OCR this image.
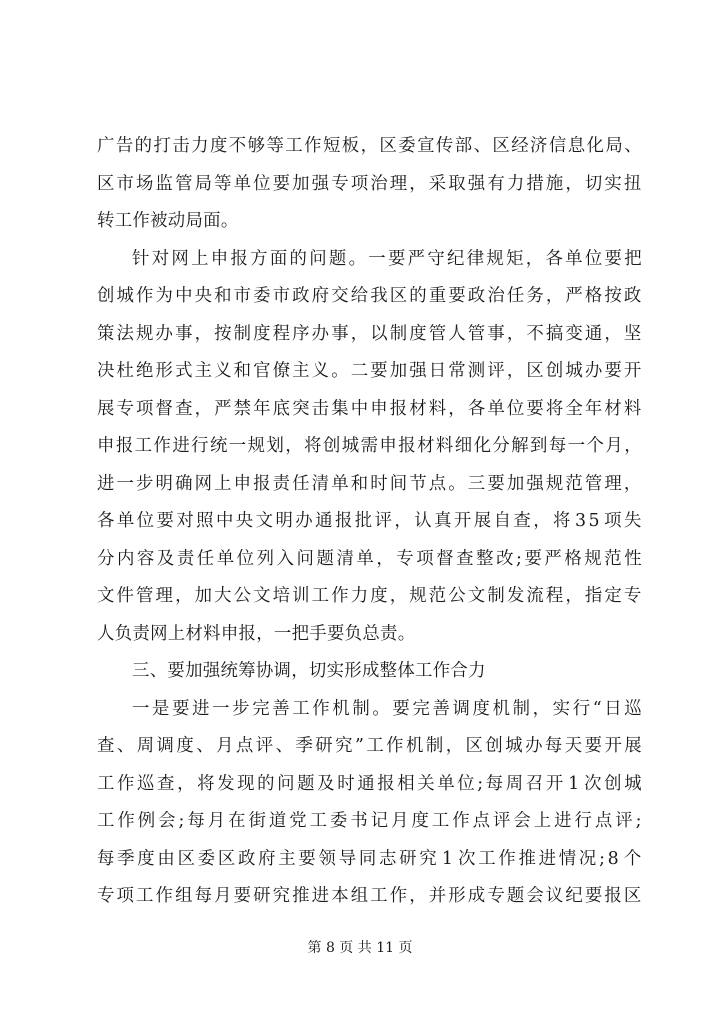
广 告 的 打 击 力 度 不 够 等 工 作 短 板 ， 区 委 宣 传 部 、 区 经 济 信 息 化 局 、
区 市 场 监 管 局 等 单 位 要 加 强 专 项 治 理 ， 采 取 强 有 力 措 施 ， 切 实 扭
转工作被动局面。
针 对 网 上 申 报 方 面 的 问 题 。 一 要 严 守 纪 律 规 矩 ， 各 单 位 要 把
创 城 作 为 中 央 和 市 委 市 政 府 交 给 我 区 的 重 要 政 治 任 务 ， 严 格 按 政
策 法 规 办 事 ， 按 制 度 程 序 办 事 ， 以 制 度 管 人 管 事 ， 不 搞 变 通 ， 坚
决 杜 绝 形 式 主 义 和 官 僚 主 义 。 二 要 加 强 日 常 测 评 ， 区 创 城 办 要 开
展 专 项 督 查 ， 严 禁 年 底 突 击 集 中 申 报 材 料 ， 各 单 位 要 将 全 年 材 料
申 报 工 作 进 行 统 一 规 划 ， 将 创 城 需 申 报 材 料 细 化 分 解 到 每 一 个 月 ，
进 一 步 明 确 网 上 申 报 责 任 清 单 和 时 间 节 点 。 三 要 加 强 规 范 管 理 ，
各 单 位 要 对 照 中 央 文 明 办 通 报 批 评 ， 认 真 开 展 自 查 ， 将 3 5 项 失
分 内 容 及 责 任 单 位 列 入 问 题 清 单 ， 专 项 督 查 整 改 ; 要 严 格 规 范 性
文 件 管 理 ， 加 大 公 文 培 训 工 作 力 度 ， 规 范 公 文 制 发 流 程 ， 指 定 专
人负责网上材料申报，一把手要负总责。
三、要加强统筹协调，切实形成整体工作合力
一 是 要 进 一 步 完 善 工 作 机 制 。 要 完 善 调 度 机 制 ， 实 行 “ 日 巡
查 、 周 调 度 、 月 点 评 、 季 研 究 ” 工 作 机 制 ， 区 创 城 办 每 天 要 开 展
工 作 巡 查 ， 将 发 现 的 问 题 及 时 通 报 相 关 单 位 ; 每 周 召 开 1 次 创 城
工 作 例 会 ; 每 月 在 街 道 党 工 委 书 记 月 度 工 作 点 评 会 上 进 行 点 评 ;
每 季 度 由 区 委 区 政 府 主 要 领 导 同 志 研 究 1 次 工 作 推 进 情 况 ; 8 个
专 项 工 作 组 每 月 要 研 究 推 进 本 组 工 作 ， 并 形 成 专 题 会 议 纪 要 报 区
第 8 页 共 11 页
